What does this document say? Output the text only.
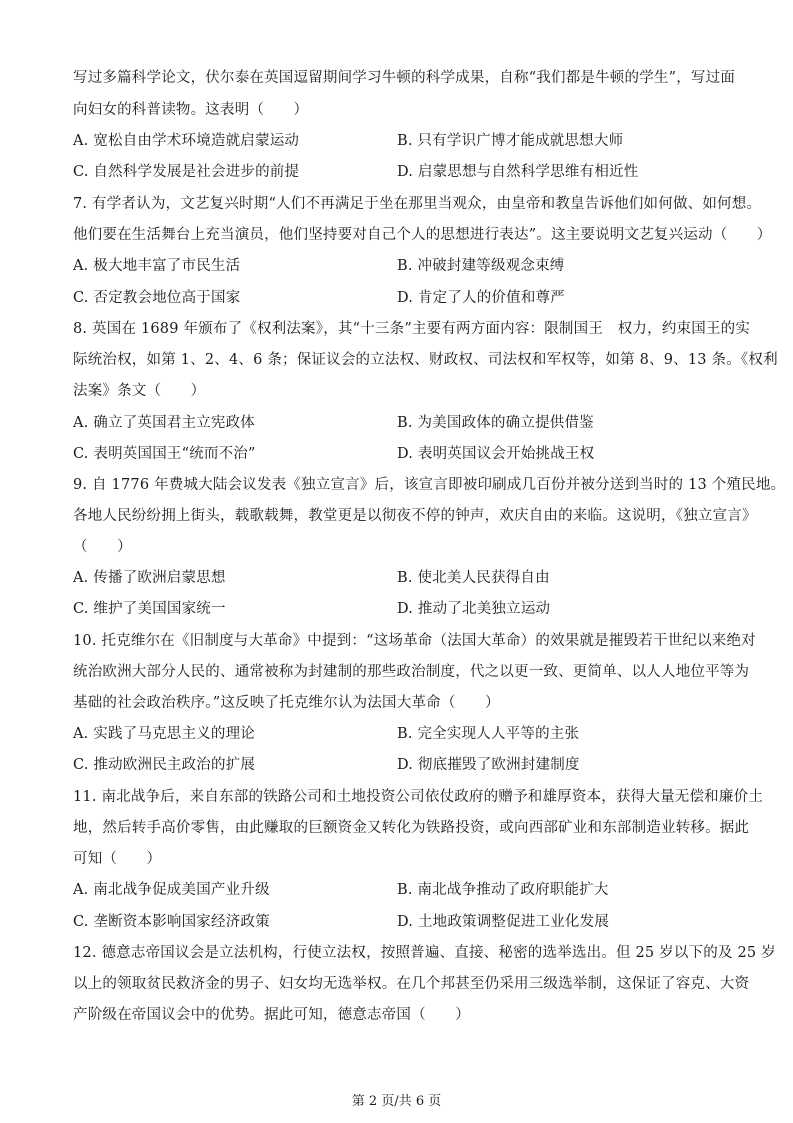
写过多篇科学论文，伏尔泰在英国逗留期间学习牛顿的科学成果，自称“我们都是牛顿的学生”，写过面
向妇女的科普读物。这表明（　　）
A. 宽松自由学术环境造就启蒙运动	B. 只有学识广博才能成就思想大师
C. 自然科学发展是社会进步的前提	D. 启蒙思想与自然科学思维有相近性
7. 有学者认为，文艺复兴时期“人们不再满足于坐在那里当观众，由皇帝和教皇告诉他们如何做、如何想。
他们要在生活舞台上充当演员，他们坚持要对自己个人的思想进行表达”。这主要说明文艺复兴运动（　　）
A. 极大地丰富了市民生活	B. 冲破封建等级观念束缚
C. 否定教会地位高于国家	D. 肯定了人的价值和尊严
8. 英国在 1689 年颁布了《权利法案》，其“十三条”主要有两方面内容：限制国王　权力，约束国王的实
际统治权，如第 1、2、4、6 条；保证议会的立法权、财政权、司法权和军权等，如第 8、9、13 条。《权利
法案》条文（　　）
A. 确立了英国君主立宪政体	B. 为美国政体的确立提供借鉴
C. 表明英国国王“统而不治”	D. 表明英国议会开始挑战王权
9. 自 1776 年费城大陆会议发表《独立宣言》后，该宣言即被印刷成几百份并被分送到当时的 13 个殖民地。
各地人民纷纷拥上街头，载歌载舞，教堂更是以彻夜不停的钟声，欢庆自由的来临。这说明，《独立宣言》
（　　）
A. 传播了欧洲启蒙思想	B. 使北美人民获得自由
C. 维护了美国国家统一	D. 推动了北美独立运动
10. 托克维尔在《旧制度与大革命》中提到：“这场革命（法国大革命）的效果就是摧毁若干世纪以来绝对
统治欧洲大部分人民的、通常被称为封建制的那些政治制度，代之以更一致、更简单、以人人地位平等为
基础的社会政治秩序。”这反映了托克维尔认为法国大革命（　　）
A. 实践了马克思主义的理论	B. 完全实现人人平等的主张
C. 推动欧洲民主政治的扩展	D. 彻底摧毁了欧洲封建制度
11. 南北战争后，来自东部的铁路公司和土地投资公司依仗政府的赠予和雄厚资本，获得大量无偿和廉价土
地，然后转手高价零售，由此赚取的巨额资金又转化为铁路投资，或向西部矿业和东部制造业转移。据此
可知（　　）
A. 南北战争促成美国产业升级	B. 南北战争推动了政府职能扩大
C. 垄断资本影响国家经济政策	D. 土地政策调整促进工业化发展
12. 德意志帝国议会是立法机构，行使立法权，按照普遍、直接、秘密的选举选出。但 25 岁以下的及 25 岁
以上的领取贫民救济金的男子、妇女均无选举权。在几个邦甚至仍采用三级选举制，这保证了容克、大资
产阶级在帝国议会中的优势。据此可知，德意志帝国（　　）
第 2 页/共 6 页
